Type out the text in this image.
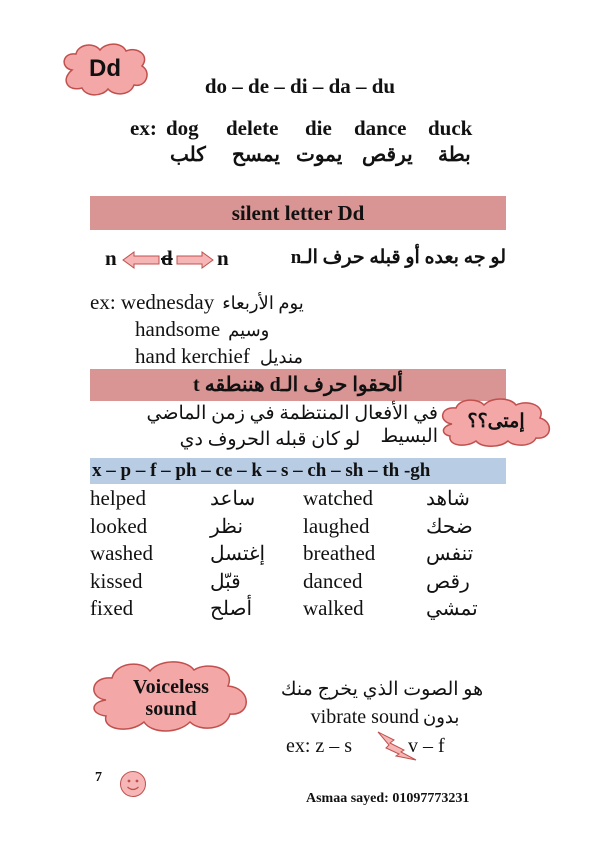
Dd
do – de – di – da – du
ex: dog delete die dance duck
كلب يمسح يموت يرقص بطة
silent letter Dd
n d n	لو جه بعده أو قبله حرف الـn
ex: wednesday يوم الأربعاء
handsome وسيم
hand kerchief منديل
ألحقوا حرف الـd هننطقه t
في الأفعال المنتظمة في زمن الماضي البسيط
لو كان قبله الحروف دي
إمتى؟؟
x – p – f – ph – ce – k – s – ch – sh – th -gh
helped	ساعد	watched	شاهد
looked	نظر	laughed	ضحك
washed	إغتسل	breathed	تنفس
kissed	قبّل	danced	رقص
fixed	أصلح	walked	تمشي
Voiceless
sound
هو الصوت الذي يخرج منك
vibrate sound بدون
ex: z – s	v – f
7
Asmaa sayed: 01097773231
